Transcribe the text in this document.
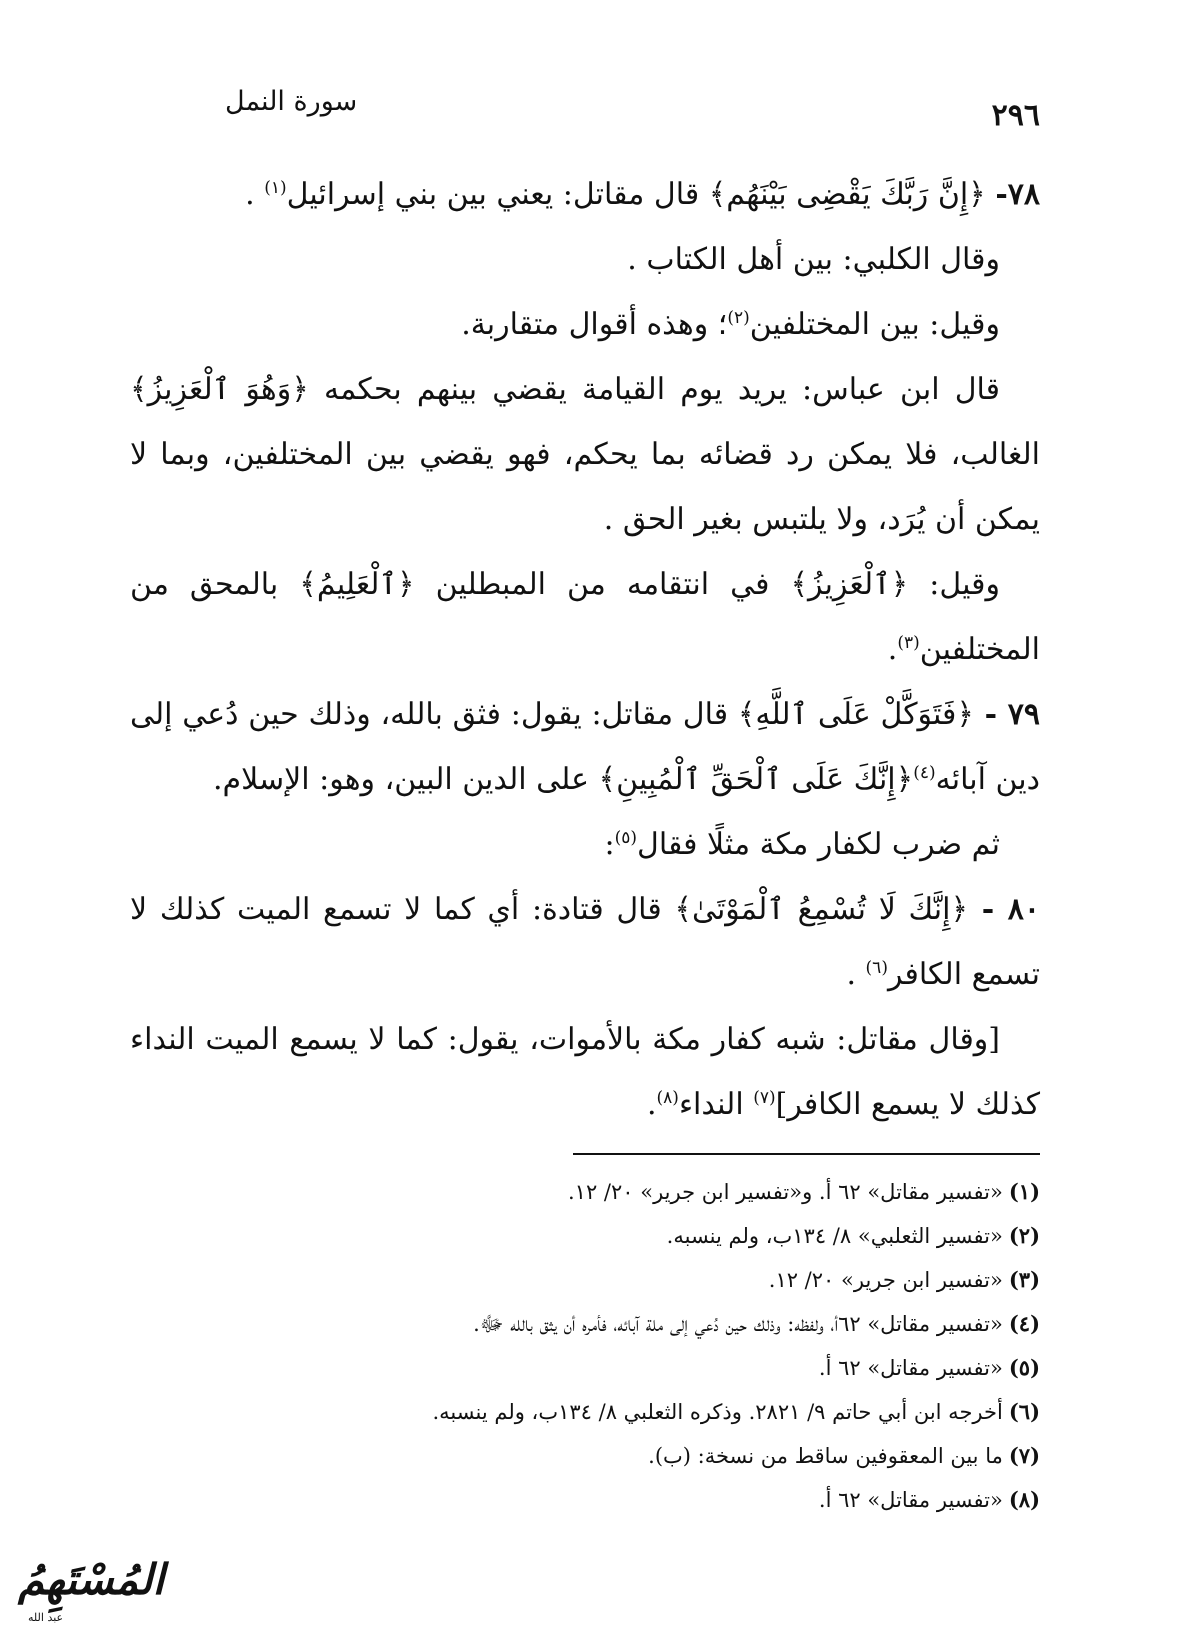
سورة النمل	٢٩٦

٧٨- ﴿إِنَّ رَبَّكَ يَقْضِى بَيْنَهُم﴾ قال مقاتل: يعني بين بني إسرائيل$^{(١)}$ .

وقال الكلبي: بين أهل الكتاب .

وقيل: بين المختلفين$^{(٢)}$؛ وهذه أقوال متقاربة.

قال ابن عباس: يريد يوم القيامة يقضي بينهم بحكمه ﴿وَهُوَ ٱلْعَزِيزُ﴾ الغالب، فلا يمكن رد قضائه بما يحكم، فهو يقضي بين المختلفين، وبما لا يمكن أن يُرَد، ولا يلتبس بغير الحق .

وقيل: ﴿ٱلْعَزِيزُ﴾ في انتقامه من المبطلين ﴿ٱلْعَلِيمُ﴾ بالمحق من المختلفين$^{(٣)}$.

٧٩ - ﴿فَتَوَكَّلْ عَلَى ٱللَّهِ﴾ قال مقاتل: يقول: فثق بالله، وذلك حين دُعي إلى دين آبائه$^{(٤)}$﴿إِنَّكَ عَلَى ٱلْحَقِّ ٱلْمُبِينِ﴾ على الدين البين، وهو: الإسلام.

ثم ضرب لكفار مكة مثلًا فقال$^{(٥)}$:

٨٠ - ﴿إِنَّكَ لَا تُسْمِعُ ٱلْمَوْتَىٰ﴾ قال قتادة: أي كما لا تسمع الميت كذلك لا تسمع الكافر$^{(٦)}$ .

[وقال مقاتل: شبه كفار مكة بالأموات، يقول: كما لا يسمع الميت النداء كذلك لا يسمع الكافر]$^{(٧)}$ النداء$^{(٨)}$.

(١)«تفسير مقاتل» ٦٢ أ. و«تفسير ابن جرير» ٢٠/ ١٢.
(٢)«تفسير الثعلبي» ٨/ ١٣٤ب، ولم ينسبه.
(٣)«تفسير ابن جرير» ٢٠/ ١٢.
(٤)«تفسير مقاتل» ٦٢أ، ولفظه: وذلك حين دُعي إلى ملة آبائه، فأمره أن يثق بالله ﷻ.
(٥)«تفسير مقاتل» ٦٢ أ.
(٦)أخرجه ابن أبي حاتم ٩/ ٢٨٢١. وذكره الثعلبي ٨/ ١٣٤ب، ولم ينسبه.
(٧)ما بين المعقوفين ساقط من نسخة: (ب).
(٨)«تفسير مقاتل» ٦٢ أ.
المُسْتَهِمُ
عبد الله
